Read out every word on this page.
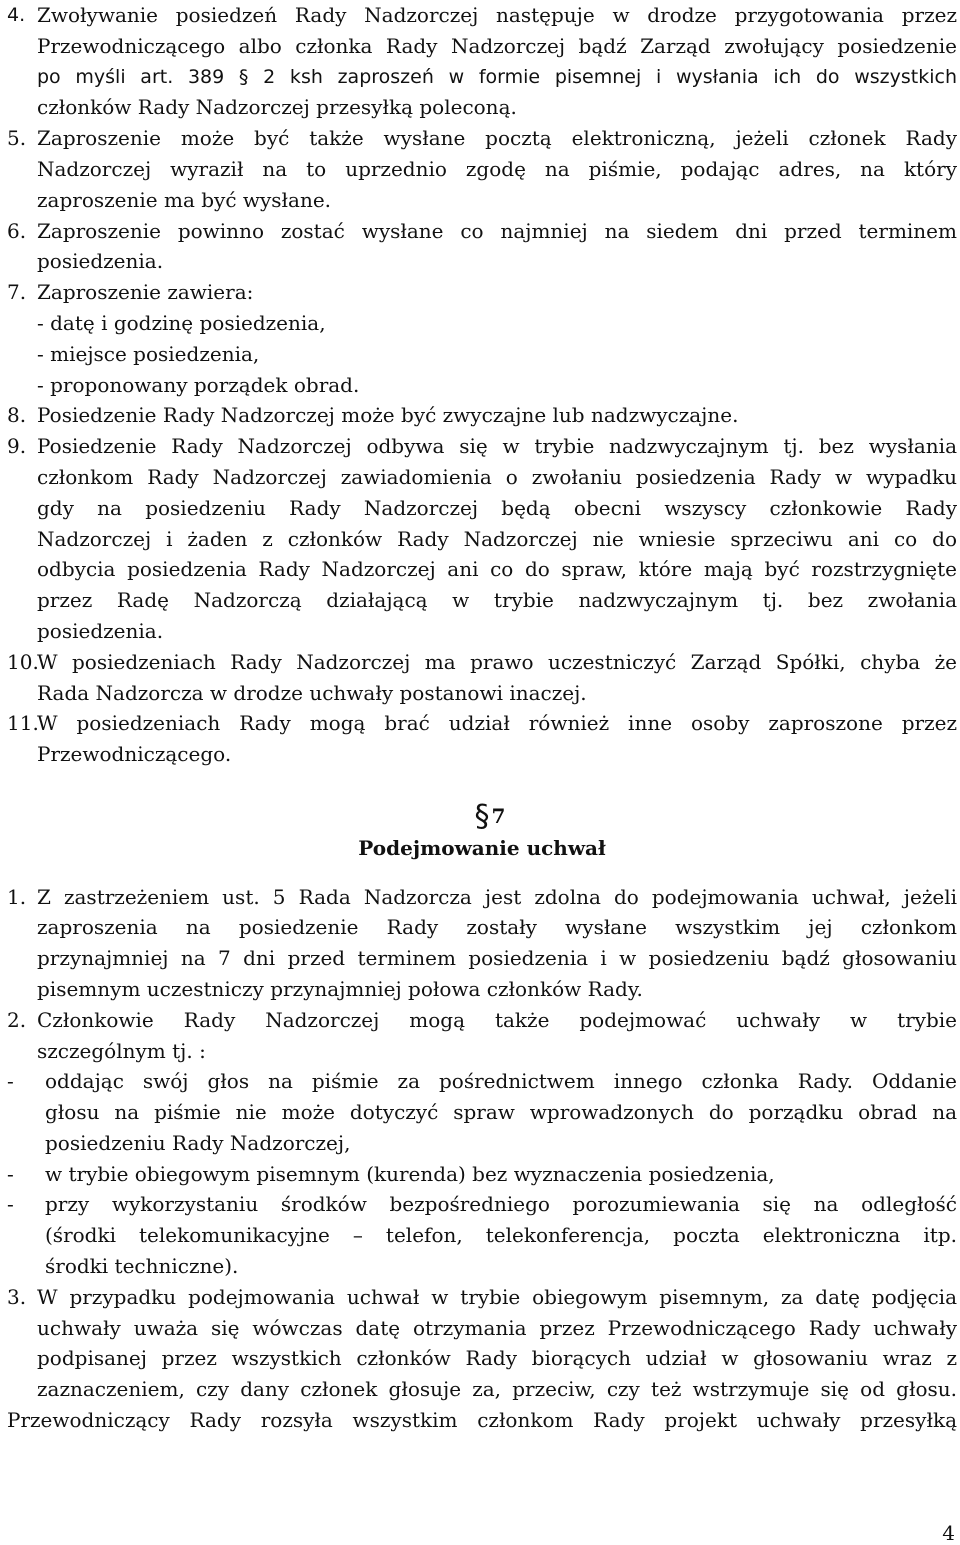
4. Zwoływanie posiedzeń Rady Nadzorczej następuje w drodze przygotowania przez
Przewodniczącego albo członka Rady Nadzorczej bądź Zarząd zwołujący posiedzenie
po myśli art. 389 § 2 ksh zaproszeń w formie pisemnej i wysłania ich do wszystkich
członków Rady Nadzorczej przesyłką poleconą.
5. Zaproszenie może być także wysłane pocztą elektroniczną, jeżeli członek Rady
Nadzorczej wyraził na to uprzednio zgodę na piśmie, podając adres, na który
zaproszenie ma być wysłane.
6. Zaproszenie powinno zostać wysłane co najmniej na siedem dni przed terminem
posiedzenia.
7. Zaproszenie zawiera:
- datę i godzinę posiedzenia,
- miejsce posiedzenia,
- proponowany porządek obrad.
8. Posiedzenie Rady Nadzorczej może być zwyczajne lub nadzwyczajne.
9. Posiedzenie Rady Nadzorczej odbywa się w trybie nadzwyczajnym tj. bez wysłania
członkom Rady Nadzorczej zawiadomienia o zwołaniu posiedzenia Rady w wypadku
gdy na posiedzeniu Rady Nadzorczej będą obecni wszyscy członkowie Rady
Nadzorczej i żaden z członków Rady Nadzorczej nie wniesie sprzeciwu ani co do
odbycia posiedzenia Rady Nadzorczej ani co do spraw, które mają być rozstrzygnięte
przez Radę Nadzorczą działającą w trybie nadzwyczajnym tj. bez zwołania
posiedzenia.
10.
W posiedzeniach Rady Nadzorczej ma prawo uczestniczyć Zarząd Spółki, chyba że
Rada Nadzorcza w drodze uchwały postanowi inaczej.
11.
W posiedzeniach Rady mogą brać udział również inne osoby zaproszone przez
Przewodniczącego.
§ 7
Podejmowanie uchwał
1. Z zastrzeżeniem ust. 5 Rada Nadzorcza jest zdolna do podejmowania uchwał, jeżeli
zaproszenia na posiedzenie Rady zostały wysłane wszystkim jej członkom
przynajmniej na 7 dni przed terminem posiedzenia i w posiedzeniu bądź głosowaniu
pisemnym uczestniczy przynajmniej połowa członków Rady.
2. Członkowie Rady Nadzorczej mogą także podejmować uchwały w trybie
szczególnym tj. :
- oddając swój głos na piśmie za pośrednictwem innego członka Rady. Oddanie
głosu na piśmie nie może dotyczyć spraw wprowadzonych do porządku obrad na
posiedzeniu Rady Nadzorczej,
- w trybie obiegowym pisemnym (kurenda) bez wyznaczenia posiedzenia,
- przy wykorzystaniu środków bezpośredniego porozumiewania się na odległość
(środki telekomunikacyjne – telefon, telekonferencja, poczta elektroniczna itp.
środki techniczne).
3. W przypadku podejmowania uchwał w trybie obiegowym pisemnym, za datę podjęcia
uchwały uważa się wówczas datę otrzymania przez Przewodniczącego Rady uchwały
podpisanej przez wszystkich członków Rady biorących udział w głosowaniu wraz z
zaznaczeniem, czy dany członek głosuje za, przeciw, czy też wstrzymuje się od głosu.
Przewodniczący Rady rozsyła wszystkim członkom Rady projekt uchwały przesyłką
4
